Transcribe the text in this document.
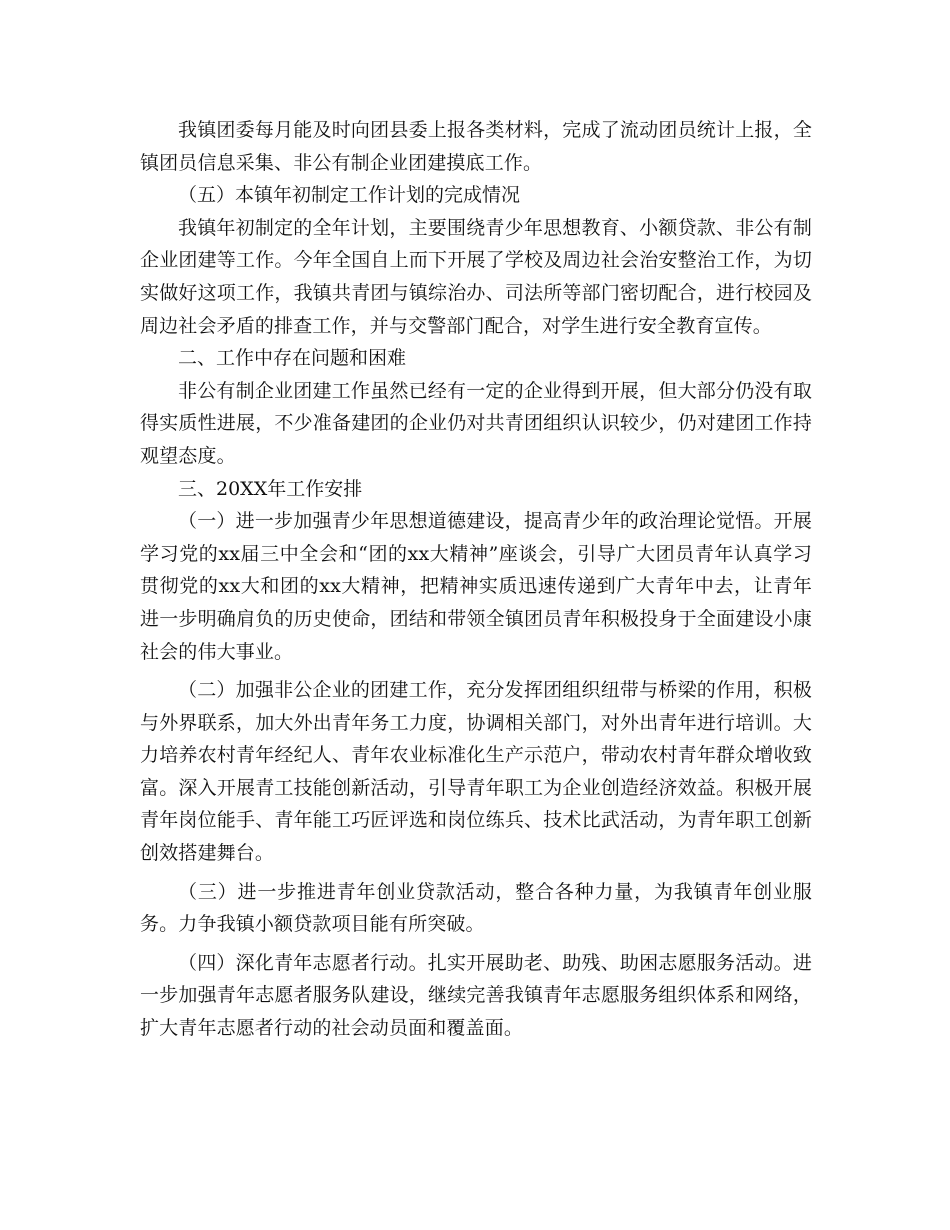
我镇团委每月能及时向团县委上报各类材料，完成了流动团员统计上报，全镇团员信息采集、非公有制企业团建摸底工作。

（五）本镇年初制定工作计划的完成情况

我镇年初制定的全年计划，主要围绕青少年思想教育、小额贷款、非公有制企业团建等工作。今年全国自上而下开展了学校及周边社会治安整治工作，为切实做好这项工作，我镇共青团与镇综治办、司法所等部门密切配合，进行校园及周边社会矛盾的排查工作，并与交警部门配合，对学生进行安全教育宣传。

二、工作中存在问题和困难

非公有制企业团建工作虽然已经有一定的企业得到开展，但大部分仍没有取得实质性进展，不少准备建团的企业仍对共青团组织认识较少，仍对建团工作持观望态度。

三、20XX年工作安排

（一）进一步加强青少年思想道德建设，提高青少年的政治理论觉悟。开展学习党的xx届三中全会和“团的xx大精神”座谈会，引导广大团员青年认真学习贯彻党的xx大和团的xx大精神，把精神实质迅速传递到广大青年中去，让青年进一步明确肩负的历史使命，团结和带领全镇团员青年积极投身于全面建设小康社会的伟大事业。

（二）加强非公企业的团建工作，充分发挥团组织纽带与桥梁的作用，积极与外界联系，加大外出青年务工力度，协调相关部门，对外出青年进行培训。大力培养农村青年经纪人、青年农业标准化生产示范户，带动农村青年群众增收致富。深入开展青工技能创新活动，引导青年职工为企业创造经济效益。积极开展青年岗位能手、青年能工巧匠评选和岗位练兵、技术比武活动，为青年职工创新创效搭建舞台。

（三）进一步推进青年创业贷款活动，整合各种力量，为我镇青年创业服务。力争我镇小额贷款项目能有所突破。

（四）深化青年志愿者行动。扎实开展助老、助残、助困志愿服务活动。进一步加强青年志愿者服务队建设，继续完善我镇青年志愿服务组织体系和网络，扩大青年志愿者行动的社会动员面和覆盖面。
